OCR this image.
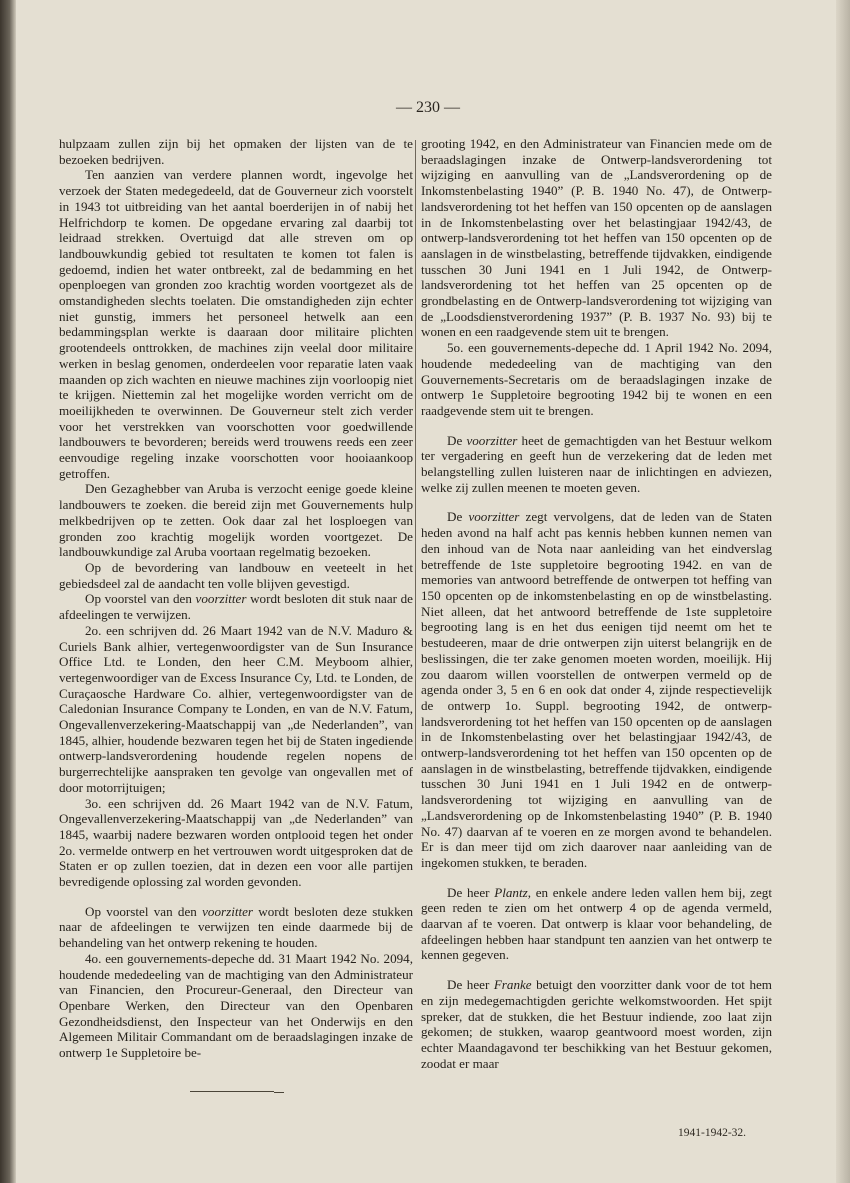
— 230 —

hulpzaam zullen zijn bij het opmaken der lijsten van de te bezoeken bedrijven.

Ten aanzien van verdere plannen wordt, ingevolge het verzoek der Staten medegedeeld, dat de Gouverneur zich voorstelt in 1943 tot uitbreiding van het aantal boerderijen in of nabij het Helfrichdorp te komen. De opgedane ervaring zal daarbij tot leidraad strekken. Overtuigd dat alle streven om op landbouwkundig gebied tot resultaten te komen tot falen is gedoemd, indien het water ontbreekt, zal de bedamming en het openploegen van gronden zoo krachtig worden voortgezet als de omstandigheden slechts toelaten. Die omstandigheden zijn echter niet gunstig, immers het personeel hetwelk aan een bedammingsplan werkte is daaraan door militaire plichten grootendeels onttrokken, de machines zijn veelal door militaire werken in beslag genomen, onderdeelen voor reparatie laten vaak maanden op zich wachten en nieuwe machines zijn voorloopig niet te krijgen. Niettemin zal het mogelijke worden verricht om de moeilijkheden te overwinnen. De Gouverneur stelt zich verder voor het verstrekken van voorschotten voor goedwillende landbouwers te bevorderen; bereids werd trouwens reeds een zeer eenvoudige regeling inzake voorschotten voor hooiaankoop getroffen.

Den Gezaghebber van Aruba is verzocht eenige goede kleine landbouwers te zoeken. die bereid zijn met Gouvernements hulp melkbedrijven op te zetten. Ook daar zal het losploegen van gronden zoo krachtig mogelijk worden voortgezet. De landbouwkundige zal Aruba voortaan regelmatig bezoeken.

Op de bevordering van landbouw en veeteelt in het gebiedsdeel zal de aandacht ten volle blijven gevestigd.

Op voorstel van den voorzitter wordt besloten dit stuk naar de afdeelingen te verwijzen.

2o. een schrijven dd. 26 Maart 1942 van de N.V. Maduro & Curiels Bank alhier, vertegenwoordigster van de Sun Insurance Office Ltd. te Londen, den heer C.M. Meyboom alhier, vertegenwoordiger van de Excess Insurance Cy, Ltd. te Londen, de Curaçaosche Hardware Co. alhier, vertegenwoordigster van de Caledonian Insurance Company te Londen, en van de N.V. Fatum, Ongevallenverzekering-Maatschappij van „de Nederlanden”, van 1845, alhier, houdende bezwaren tegen het bij de Staten ingediende ontwerp-landsverordening houdende regelen nopens de burgerrechtelijke aanspraken ten gevolge van ongevallen met of door motorrijtuigen;

3o. een schrijven dd. 26 Maart 1942 van de N.V. Fatum, Ongevallenverzekering-Maatschappij van „de Nederlanden” van 1845, waarbij nadere bezwaren worden ontplooid tegen het onder 2o. vermelde ontwerp en het vertrouwen wordt uitgesproken dat de Staten er op zullen toezien, dat in dezen een voor alle partijen bevredigende oplossing zal worden gevonden.

Op voorstel van den voorzitter wordt besloten deze stukken naar de afdeelingen te verwijzen ten einde daarmede bij de behandeling van het ontwerp rekening te houden.

4o. een gouvernements-depeche dd. 31 Maart 1942 No. 2094, houdende mededeeling van de machtiging van den Administrateur van Financien, den Procureur-Generaal, den Directeur van Openbare Werken, den Directeur van den Openbaren Gezondheidsdienst, den Inspecteur van het Onderwijs en den Algemeen Militair Commandant om de beraadslagingen inzake de ontwerp 1e Suppletoire be-

grooting 1942, en den Administrateur van Financien mede om de beraadslagingen inzake de Ontwerp-landsverordening tot wijziging en aanvulling van de „Landsverordening op de Inkomstenbelasting 1940” (P. B. 1940 No. 47), de Ontwerp-landsverordening tot het heffen van 150 opcenten op de aanslagen in de Inkomstenbelasting over het belastingjaar 1942/43, de ontwerp-landsverordening tot het heffen van 150 opcenten op de aanslagen in de winstbelasting, betreffende tijdvakken, eindigende tusschen 30 Juni 1941 en 1 Juli 1942, de Ontwerp-landsverordening tot het heffen van 25 opcenten op de grondbelasting en de Ontwerp-landsverordening tot wijziging van de „Loodsdienstverordening 1937” (P. B. 1937 No. 93) bij te wonen en een raadgevende stem uit te brengen.

5o. een gouvernements-depeche dd. 1 April 1942 No. 2094, houdende mededeeling van de machtiging van den Gouvernements-Secretaris om de beraadslagingen inzake de ontwerp 1e Suppletoire begrooting 1942 bij te wonen en een raadgevende stem uit te brengen.

De voorzitter heet de gemachtigden van het Bestuur welkom ter vergadering en geeft hun de verzekering dat de leden met belangstelling zullen luisteren naar de inlichtingen en adviezen, welke zij zullen meenen te moeten geven.

De voorzitter zegt vervolgens, dat de leden van de Staten heden avond na half acht pas kennis hebben kunnen nemen van den inhoud van de Nota naar aanleiding van het eindverslag betreffende de 1ste suppletoire begrooting 1942. en van de memories van antwoord betreffende de ontwerpen tot heffing van 150 opcenten op de inkomstenbelasting en op de winstbelasting. Niet alleen, dat het antwoord betreffende de 1ste suppletoire begrooting lang is en het dus eenigen tijd neemt om het te bestudeeren, maar de drie ontwerpen zijn uiterst belangrijk en de beslissingen, die ter zake genomen moeten worden, moeilijk. Hij zou daarom willen voorstellen de ontwerpen vermeld op de agenda onder 3, 5 en 6 en ook dat onder 4, zijnde respectievelijk de ontwerp 1o. Suppl. begrooting 1942, de ontwerp-landsverordening tot het heffen van 150 opcenten op de aanslagen in de Inkomstenbelasting over het belastingjaar 1942/43, de ontwerp-landsverordening tot het heffen van 150 opcenten op de aanslagen in de winstbelasting, betreffende tijdvakken, eindigende tusschen 30 Juni 1941 en 1 Juli 1942 en de ontwerp-landsverordening tot wijziging en aanvulling van de „Landsverordening op de Inkomstenbelasting 1940” (P. B. 1940 No. 47) daarvan af te voeren en ze morgen avond te behandelen. Er is dan meer tijd om zich daarover naar aanleiding van de ingekomen stukken, te beraden.

De heer Plantz, en enkele andere leden vallen hem bij, zegt geen reden te zien om het ontwerp 4 op de agenda vermeld, daarvan af te voeren. Dat ontwerp is klaar voor behandeling, de afdeelingen hebben haar standpunt ten aanzien van het ontwerp te kennen gegeven.

De heer Franke betuigt den voorzitter dank voor de tot hem en zijn medegemachtigden gerichte welkomstwoorden. Het spijt spreker, dat de stukken, die het Bestuur indiende, zoo laat zijn gekomen; de stukken, waarop geantwoord moest worden, zijn echter Maandagavond ter beschikking van het Bestuur gekomen, zoodat er maar

1941-1942-32.
